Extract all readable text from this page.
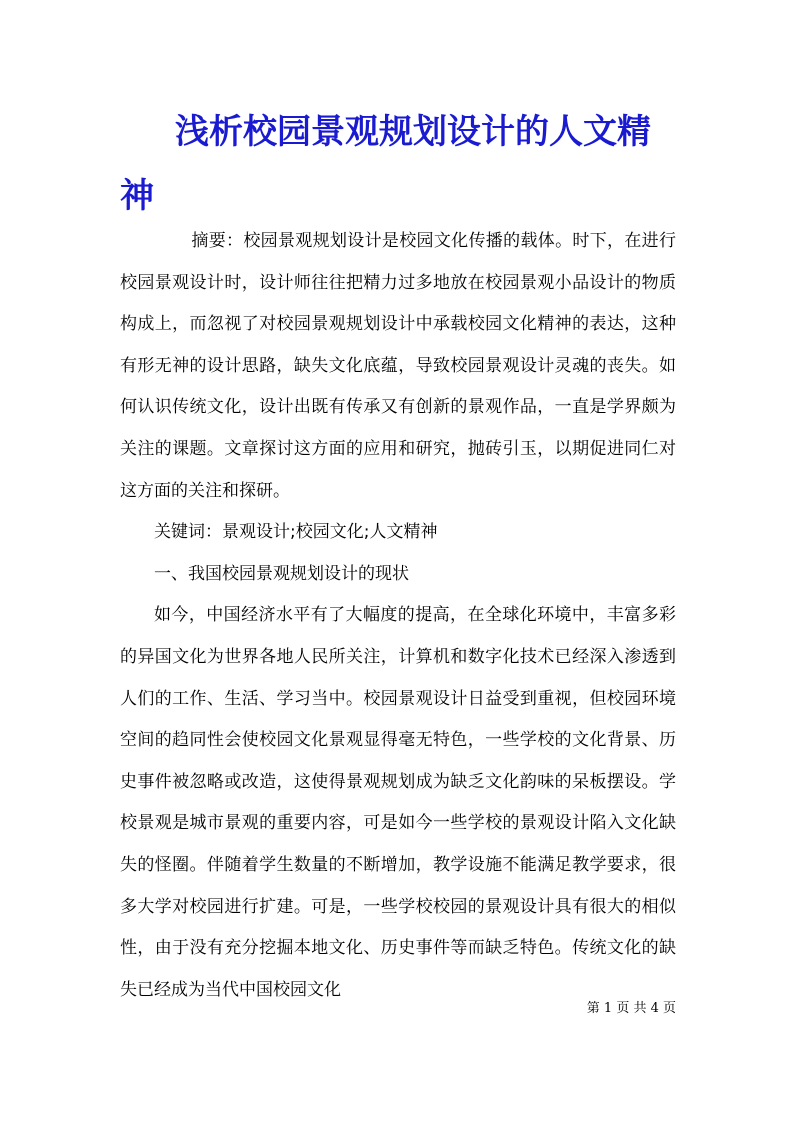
浅析校园景观规划设计的人文精神

摘要：校园景观规划设计是校园文化传播的载体。时下，在进行校园景观设计时，设计师往往把精力过多地放在校园景观小品设计的物质构成上，而忽视了对校园景观规划设计中承载校园文化精神的表达，这种有形无神的设计思路，缺失文化底蕴，导致校园景观设计灵魂的丧失。如何认识传统文化，设计出既有传承又有创新的景观作品，一直是学界颇为关注的课题。文章探讨这方面的应用和研究，抛砖引玉，以期促进同仁对这方面的关注和探研。

关键词：景观设计;校园文化;人文精神

一、我国校园景观规划设计的现状

如今，中国经济水平有了大幅度的提高，在全球化环境中，丰富多彩的异国文化为世界各地人民所关注，计算机和数字化技术已经深入渗透到人们的工作、生活、学习当中。校园景观设计日益受到重视，但校园环境空间的趋同性会使校园文化景观显得毫无特色，一些学校的文化背景、历史事件被忽略或改造，这使得景观规划成为缺乏文化韵味的呆板摆设。学校景观是城市景观的重要内容，可是如今一些学校的景观设计陷入文化缺失的怪圈。伴随着学生数量的不断增加，教学设施不能满足教学要求，很多大学对校园进行扩建。可是，一些学校校园的景观设计具有很大的相似性，由于没有充分挖掘本地文化、历史事件等而缺乏特色。传统文化的缺失已经成为当代中国校园文化

第 1 页 共 4 页
